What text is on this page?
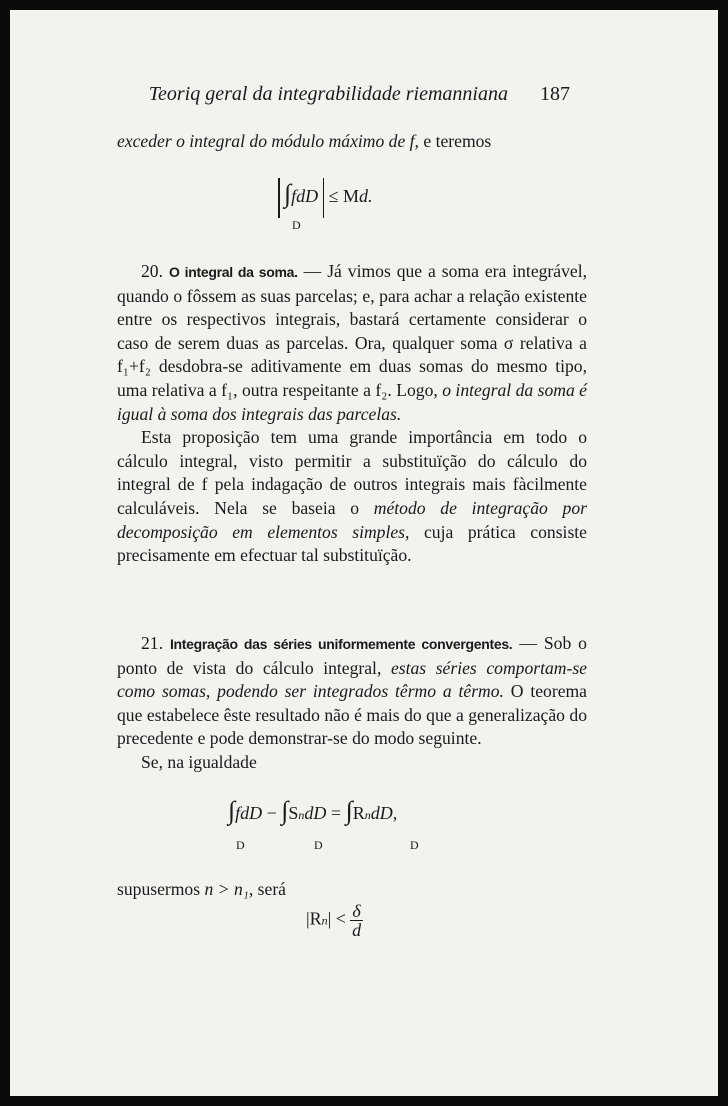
Teoriq geral da integrabilidade riemanniana 187
exceder o integral do módulo máximo de f, e teremos
∫fdD ≤ Md.
D

20. O integral da soma. — Já vimos que a soma era integrável, quando o fôssem as suas parcelas; e, para achar a relação existente entre os respectivos integrais, bastará certamente considerar o caso de serem duas as parcelas. Ora, qualquer soma σ relativa a f₁+f₂ desdobra-se aditivamente em duas somas do mesmo tipo, uma relativa a f₁, outra respeitante a f₂. Logo, o integral da soma é igual à soma dos integrais das parcelas.

Esta proposição tem uma grande importância em todo o cálculo integral, visto permitir a substituïção do cálculo do integral de f pela indagação de outros integrais mais fàcilmente calculáveis. Nela se baseia o método de integração por decomposição em elementos simples, cuja prática consiste precisamente em efectuar tal substituïção.

21. Integração das séries uniformemente convergentes. — Sob o ponto de vista do cálculo integral, estas séries comportam-se como somas, podendo ser integrados têrmo a têrmo. O teorema que estabelece êste resultado não é mais do que a generalização do precedente e pode demonstrar-se do modo seguinte.

Se, na igualdade

∫fdD − ∫SndD = ∫RndD,
D	D	D
supusermos n > n₁, será
$|Rn| < \frac{\delta}{d}$
